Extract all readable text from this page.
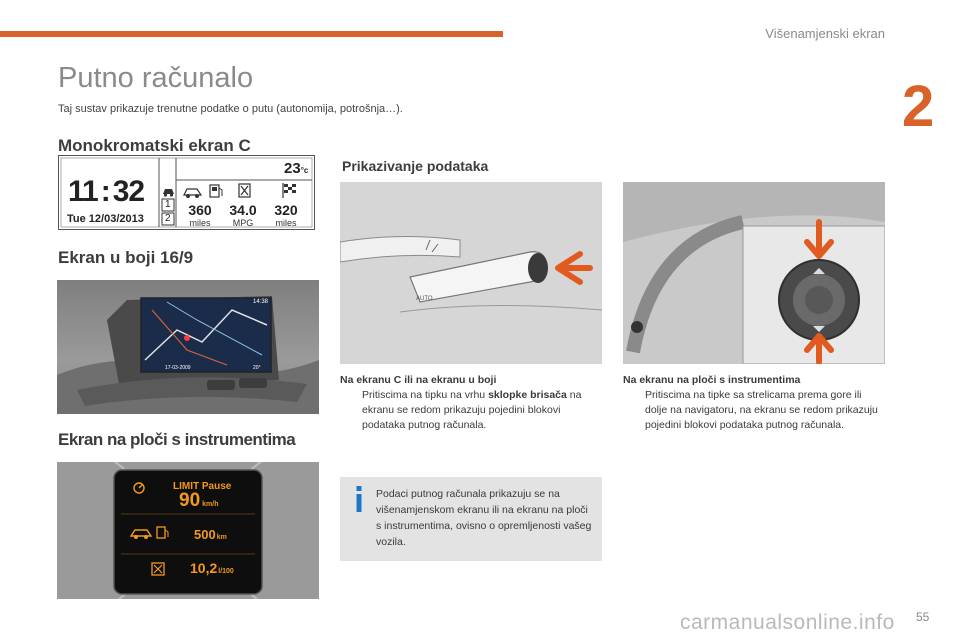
Višenamjenski ekran
2
Putno računalo
Taj sustav prikazuje trenutne podatke o putu (autonomija, potrošnja…).
Monokromatski ekran C
11 : 32
Tue 12/03/2013
23°c
1
2
360
miles
34.0
MPG
320
miles
Ekran u boji 16/9
14:38
17-03-2009	20°
Ekran na ploči s instrumentima
LIMIT Pause
90 km/h
500km
10,2l/100
Prikazivanje podataka
AUTO
Na ekranu C ili na ekranu u boji
Pritiscima na tipku na vrhu sklopke brisača na ekranu se redom prikazuju pojedini blokovi podataka putnog računala.
Na ekranu na ploči s instrumentima
Pritiscima na tipke sa strelicama prema gore ili dolje na navigatoru, na ekranu se redom prikazuju pojedini blokovi podataka putnog računala.
Podaci putnog računala prikazuju se na višenamjenskom ekranu ili na ekranu na ploči s instrumentima, ovisno o opremljenosti vašeg vozila.
carmanualsonline.info 55
